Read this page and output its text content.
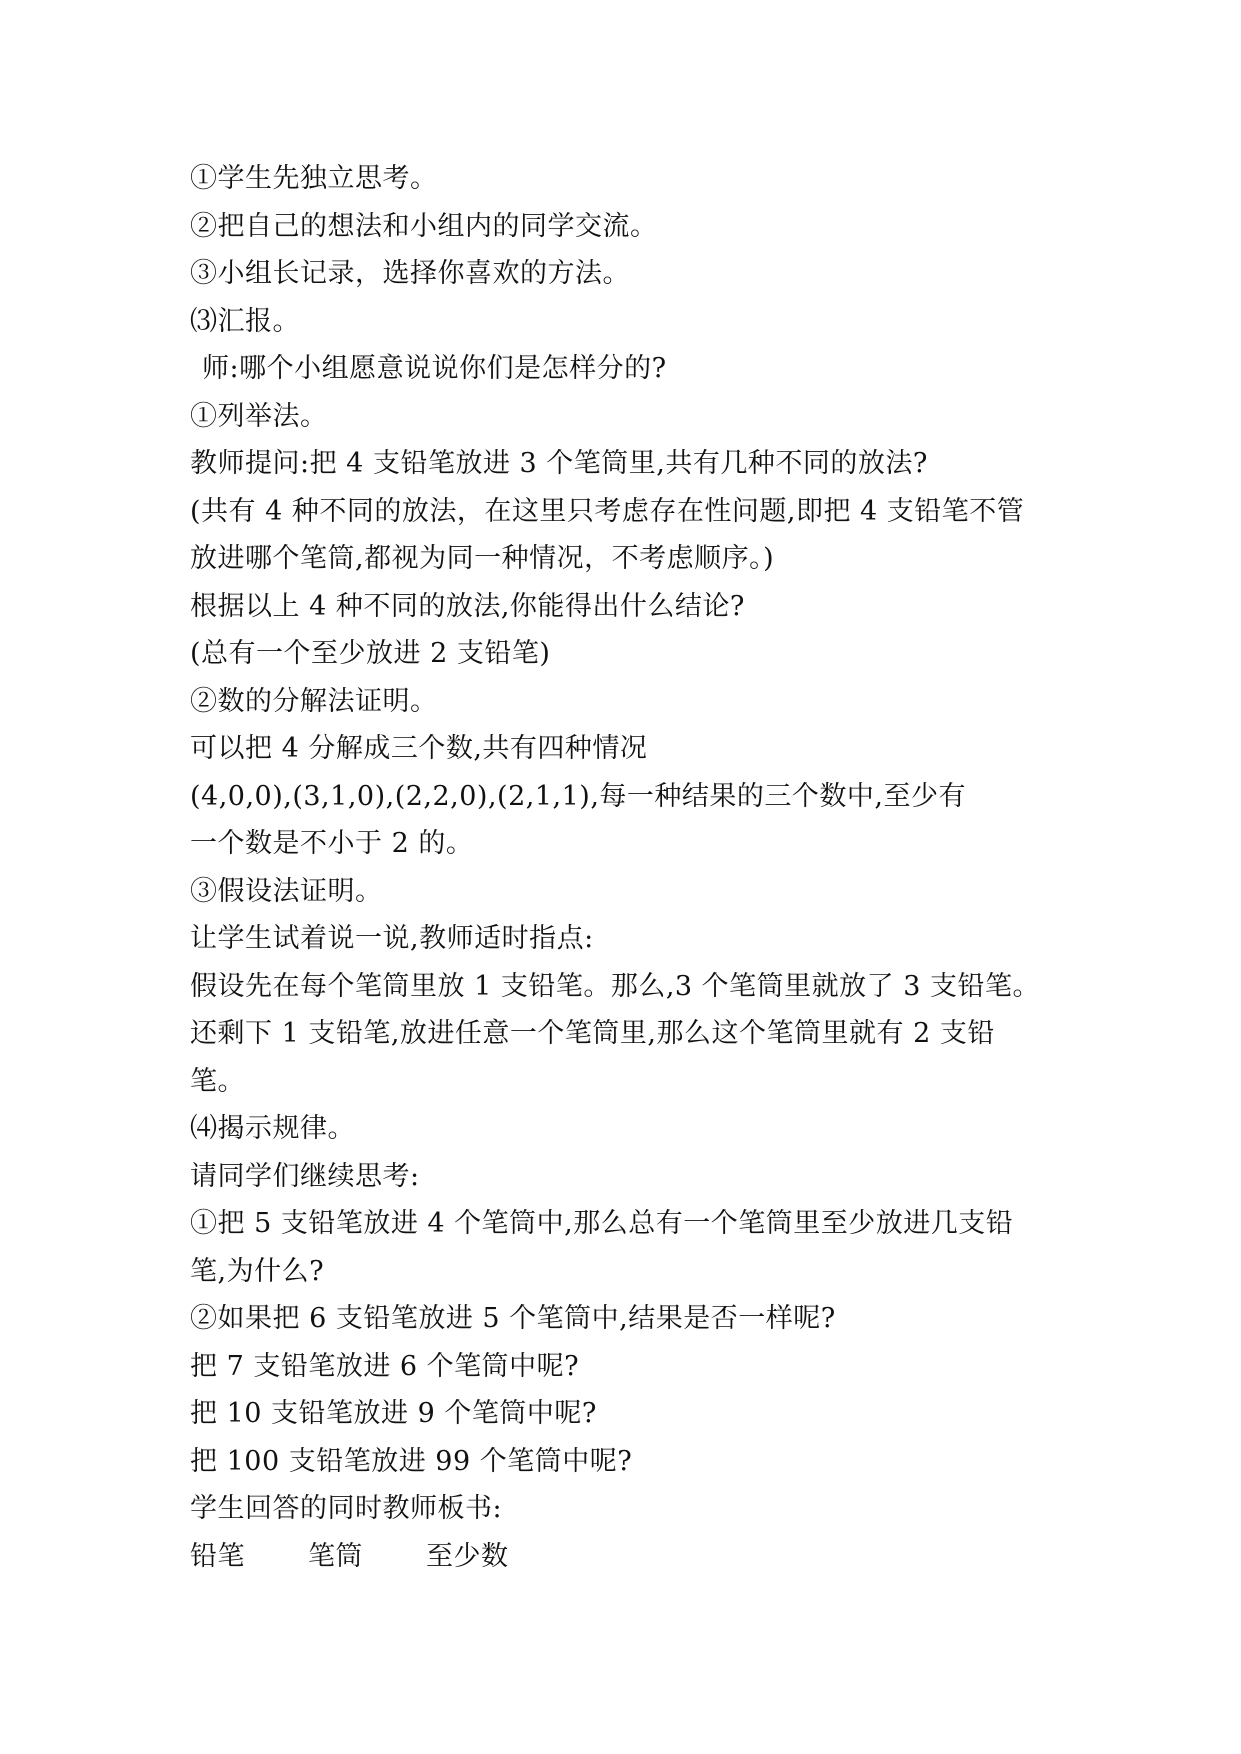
①学生先独立思考。
②把自己的想法和小组内的同学交流。
③小组长记录，选择你喜欢的方法。
⑶汇报。
师:哪个小组愿意说说你们是怎样分的?
①列举法。
教师提问:把 4 支铅笔放进 3 个笔筒里,共有几种不同的放法?
(共有 4 种不同的放法，在这里只考虑存在性问题,即把 4 支铅笔不管
放进哪个笔筒,都视为同一种情况，不考虑顺序。)
根据以上 4 种不同的放法,你能得出什么结论?
(总有一个至少放进 2 支铅笔)
②数的分解法证明。
可以把 4 分解成三个数,共有四种情况
(4,0,0),(3,1,0),(2,2,0),(2,1,1),每一种结果的三个数中,至少有
一个数是不小于 2 的。
③假设法证明。
让学生试着说一说,教师适时指点:
假设先在每个笔筒里放 1 支铅笔。那么,3 个笔筒里就放了 3 支铅笔。
还剩下 1 支铅笔,放进任意一个笔筒里,那么这个笔筒里就有 2 支铅
笔。
⑷揭示规律。
请同学们继续思考:
①把 5 支铅笔放进 4 个笔筒中,那么总有一个笔筒里至少放进几支铅
笔,为什么?
②如果把 6 支铅笔放进 5 个笔筒中,结果是否一样呢?
把 7 支铅笔放进 6 个笔筒中呢?
把 10 支铅笔放进 9 个笔筒中呢?
把 100 支铅笔放进 99 个笔筒中呢?
学生回答的同时教师板书:
铅笔	笔筒	至少数
